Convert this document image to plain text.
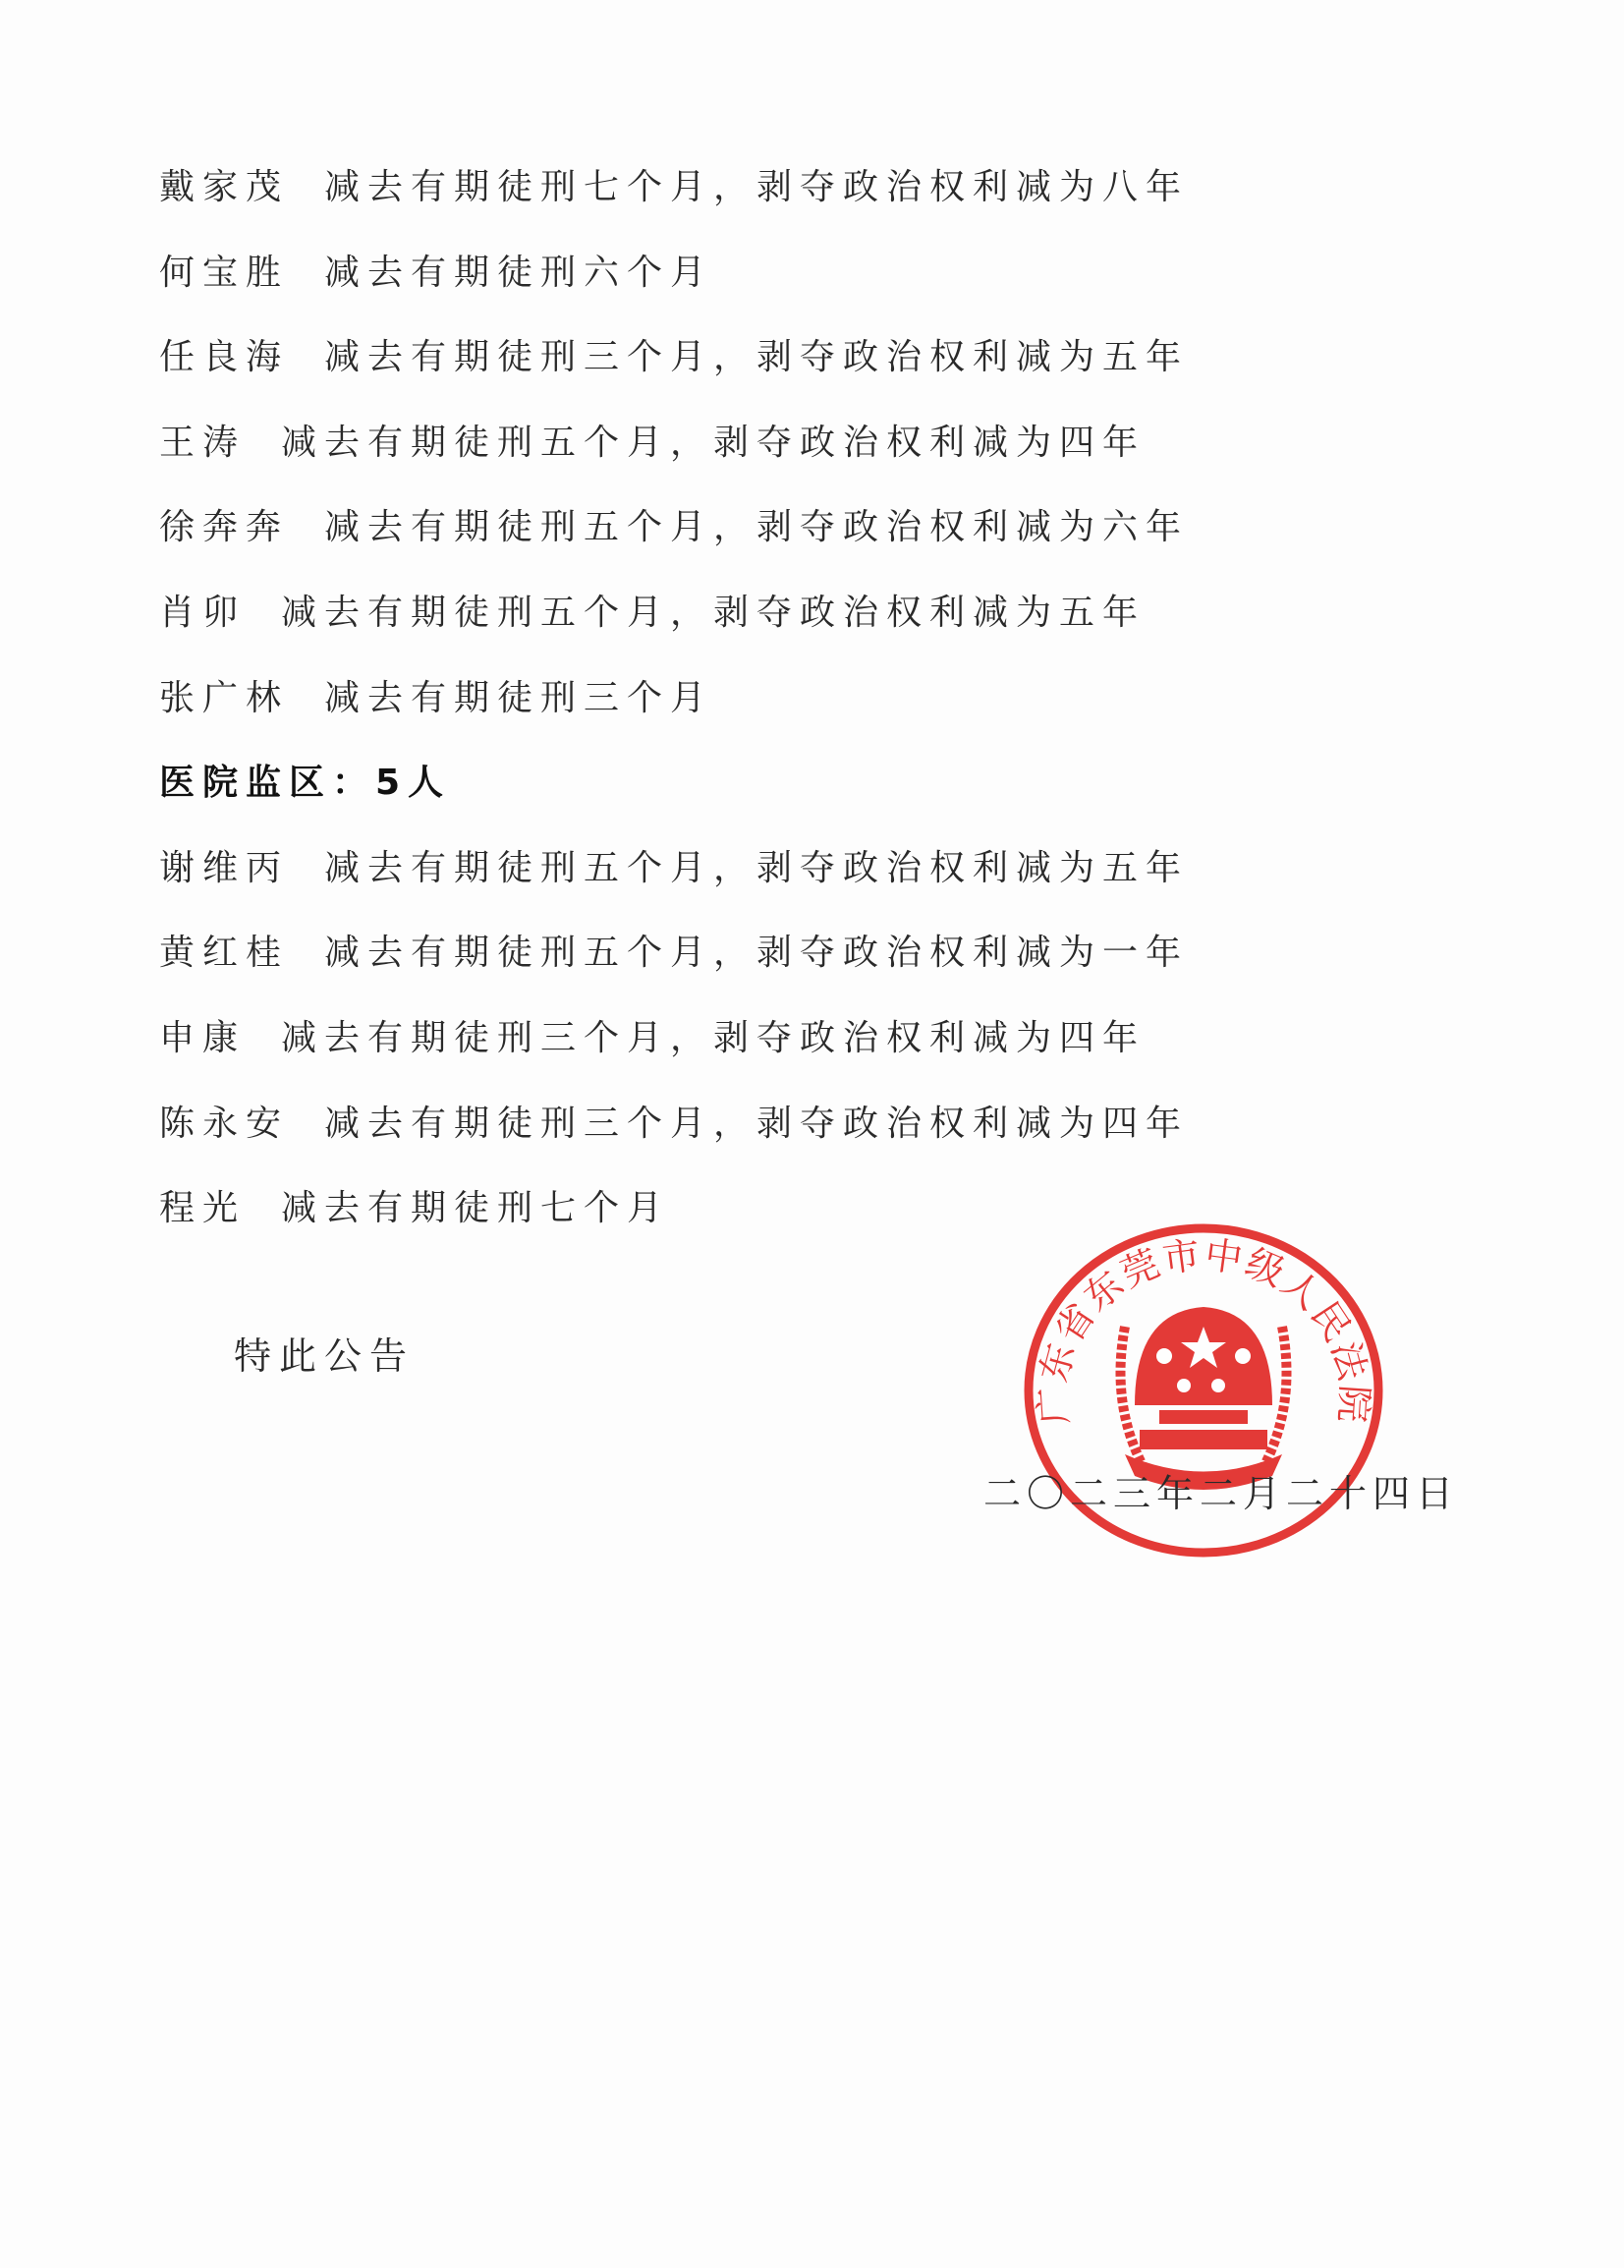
戴家茂 减去有期徒刑七个月，剥夺政治权利减为八年
何宝胜 减去有期徒刑六个月
任良海 减去有期徒刑三个月，剥夺政治权利减为五年
王涛 减去有期徒刑五个月，剥夺政治权利减为四年
徐奔奔 减去有期徒刑五个月，剥夺政治权利减为六年
肖卯 减去有期徒刑五个月，剥夺政治权利减为五年
张广林 减去有期徒刑三个月
医院监区：5人
谢维丙 减去有期徒刑五个月，剥夺政治权利减为五年
黄红桂 减去有期徒刑五个月，剥夺政治权利减为一年
申康 减去有期徒刑三个月，剥夺政治权利减为四年
陈永安 减去有期徒刑三个月，剥夺政治权利减为四年
程光 减去有期徒刑七个月
特此公告
广东省东莞市中级人民法院
二〇二三年二月二十四日
